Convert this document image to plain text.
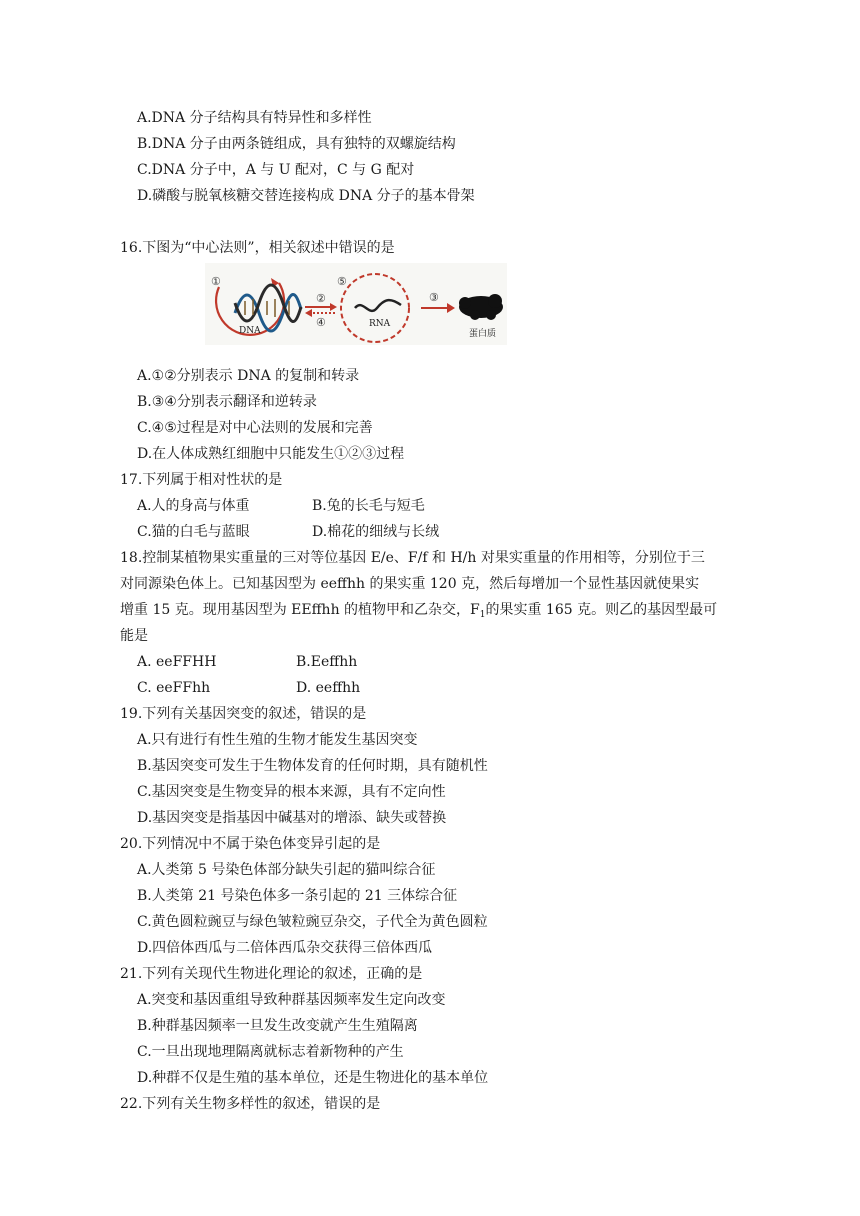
A.DNA 分子结构具有特异性和多样性
B.DNA 分子由两条链组成，具有独特的双螺旋结构
C.DNA 分子中，A 与 U 配对，C 与 G 配对
D.磷酸与脱氧核糖交替连接构成 DNA 分子的基本骨架
16.下图为“中心法则”，相关叙述中错误的是
①
DNA
②
④
⑤
RNA
③
蛋白质
A.①②分别表示 DNA 的复制和转录
B.③④分别表示翻译和逆转录
C.④⑤过程是对中心法则的发展和完善
D.在人体成熟红细胞中只能发生①②③过程
17.下列属于相对性状的是
A.人的身高与体重	B.兔的长毛与短毛
C.猫的白毛与蓝眼	D.棉花的细绒与长绒
18.控制某植物果实重量的三对等位基因 E/e、F/f 和 H/h 对果实重量的作用相等，分别位于三
对同源染色体上。已知基因型为 eeffhh 的果实重 120 克，然后每增加一个显性基因就使果实
增重 15 克。现用基因型为 EEffhh 的植物甲和乙杂交，$F_1$的果实重 165 克。则乙的基因型最可
能是
A. eeFFHH	B.Eeffhh
C. eeFFhh	D. eeffhh
19.下列有关基因突变的叙述，错误的是
A.只有进行有性生殖的生物才能发生基因突变
B.基因突变可发生于生物体发育的任何时期，具有随机性
C.基因突变是生物变异的根本来源，具有不定向性
D.基因突变是指基因中碱基对的增添、缺失或替换
20.下列情况中不属于染色体变异引起的是
A.人类第 5 号染色体部分缺失引起的猫叫综合征
B.人类第 21 号染色体多一条引起的 21 三体综合征
C.黄色圆粒豌豆与绿色皱粒豌豆杂交，子代全为黄色圆粒
D.四倍体西瓜与二倍体西瓜杂交获得三倍体西瓜
21.下列有关现代生物进化理论的叙述，正确的是
A.突变和基因重组导致种群基因频率发生定向改变
B.种群基因频率一旦发生改变就产生生殖隔离
C.一旦出现地理隔离就标志着新物种的产生
D.种群不仅是生殖的基本单位，还是生物进化的基本单位
22.下列有关生物多样性的叙述，错误的是
